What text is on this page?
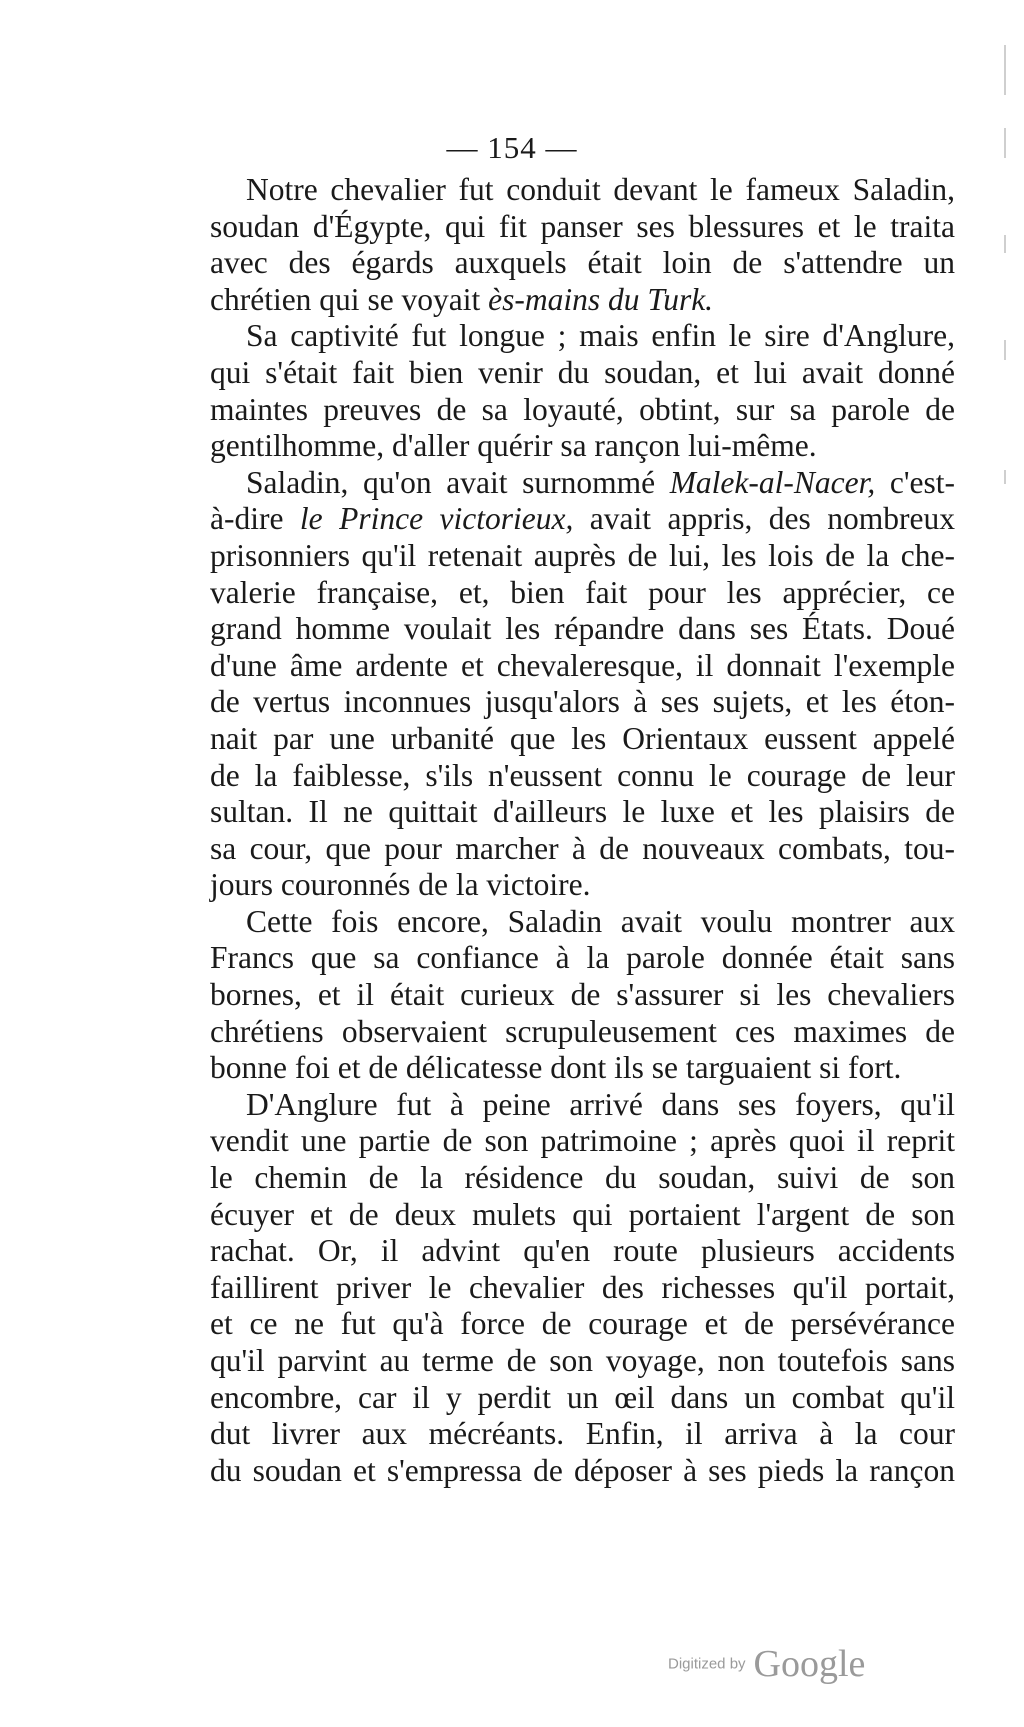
— 154 —
Notre chevalier fut conduit devant le fameux Saladin,
soudan d'Égypte, qui fit panser ses blessures et le traita
avec des égards auxquels était loin de s'attendre un
chrétien qui se voyait ès-mains du Turk.
Sa captivité fut longue ; mais enfin le sire d'Anglure,
qui s'était fait bien venir du soudan, et lui avait donné
maintes preuves de sa loyauté, obtint, sur sa parole de
gentilhomme, d'aller quérir sa rançon lui-même.
Saladin, qu'on avait surnommé Malek-al-Nacer, c'est-
à-dire le Prince victorieux, avait appris, des nombreux
prisonniers qu'il retenait auprès de lui, les lois de la che-
valerie française, et, bien fait pour les apprécier, ce
grand homme voulait les répandre dans ses États. Doué
d'une âme ardente et chevaleresque, il donnait l'exemple
de vertus inconnues jusqu'alors à ses sujets, et les éton-
nait par une urbanité que les Orientaux eussent appelé
de la faiblesse, s'ils n'eussent connu le courage de leur
sultan. Il ne quittait d'ailleurs le luxe et les plaisirs de
sa cour, que pour marcher à de nouveaux combats, tou-
jours couronnés de la victoire.
Cette fois encore, Saladin avait voulu montrer aux
Francs que sa confiance à la parole donnée était sans
bornes, et il était curieux de s'assurer si les chevaliers
chrétiens observaient scrupuleusement ces maximes de
bonne foi et de délicatesse dont ils se targuaient si fort.
D'Anglure fut à peine arrivé dans ses foyers, qu'il
vendit une partie de son patrimoine ; après quoi il reprit
le chemin de la résidence du soudan, suivi de son
écuyer et de deux mulets qui portaient l'argent de son
rachat. Or, il advint qu'en route plusieurs accidents
faillirent priver le chevalier des richesses qu'il portait,
et ce ne fut qu'à force de courage et de persévérance
qu'il parvint au terme de son voyage, non toutefois sans
encombre, car il y perdit un œil dans un combat qu'il
dut livrer aux mécréants. Enfin, il arriva à la cour
du soudan et s'empressa de déposer à ses pieds la rançon
Digitized by Google
